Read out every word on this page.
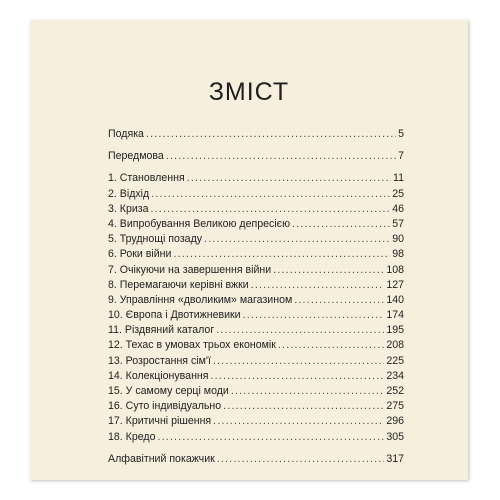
ЗМІСТ
Подяка .....	5
Передмова .....	7
1. Становлення .....	11
2. Відхід .....	25
3. Криза .....	46
4. Випробування Великою депресією .....	57
5. Труднощі позаду .....	90
6. Роки війни .....	98
7. Очікуючи на завершення війни .....	108
8. Перемагаючи керівні вжки .....	127
9. Управління «дволиким» магазином .....	140
10. Європа і Двотижневики .....	174
11. Різдвяний каталог .....	195
12. Техас в умовах трьох економік .....	208
13. Розростання сім'ї .....	225
14. Колекціонування .....	234
15. У самому серці моди .....	252
16. Суто індивідуально .....	275
17. Критичні рішення .....	296
18. Кредо .....	305
Алфавітний покажчик .....	317
